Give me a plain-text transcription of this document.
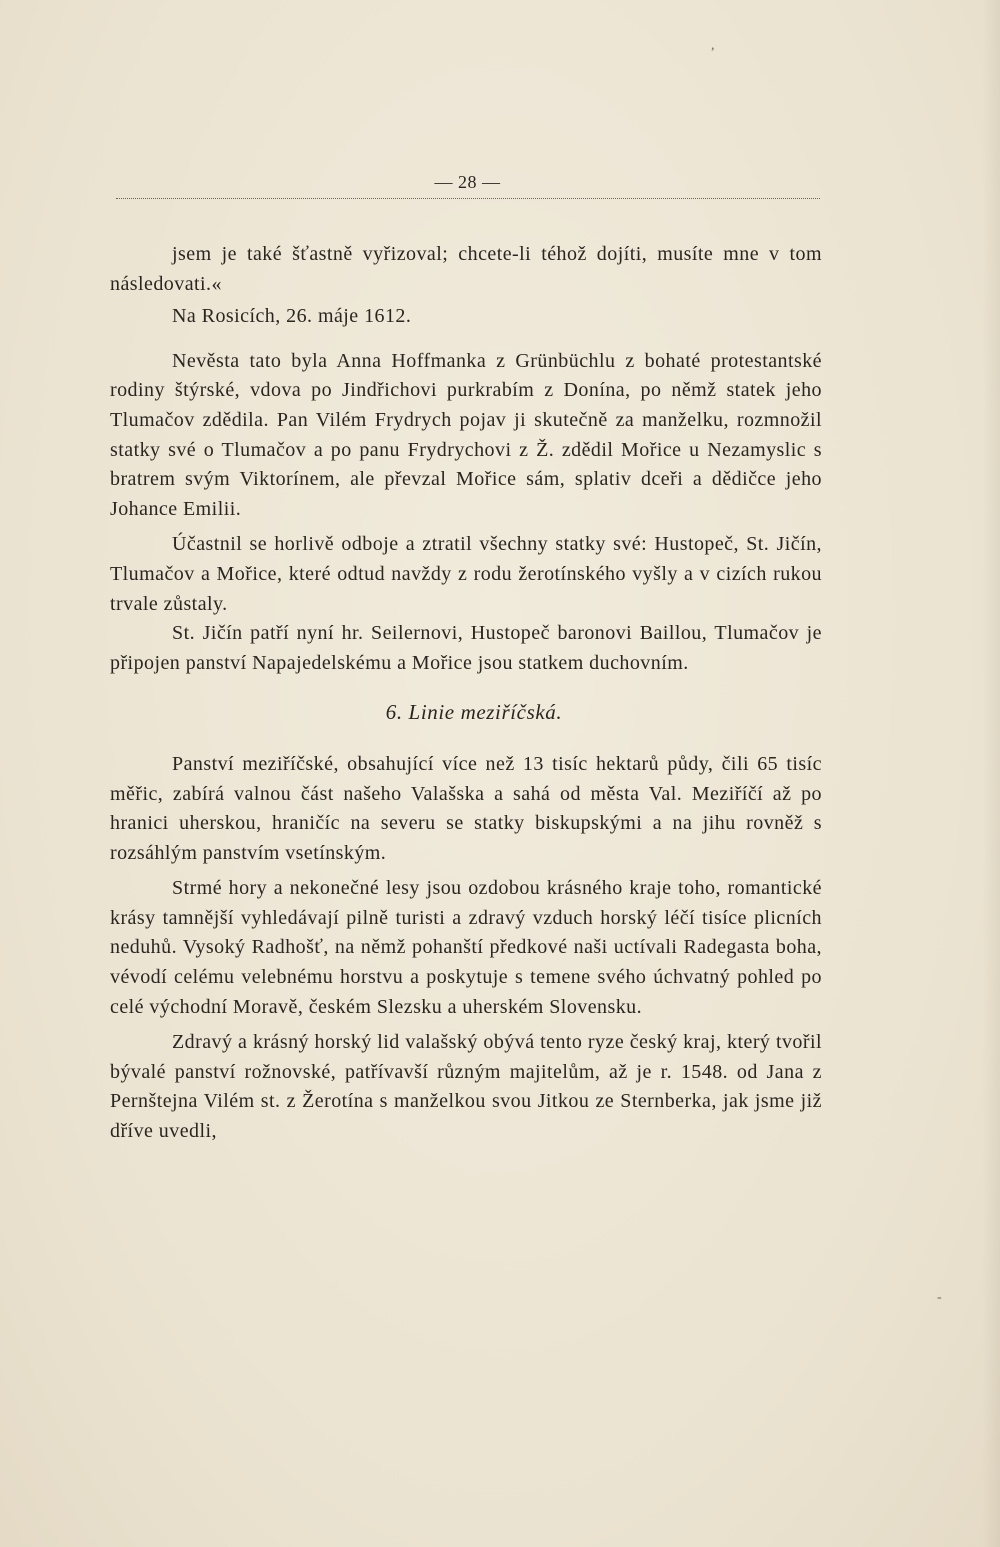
— 28 —

jsem je také šťastně vyřizoval; chcete-li téhož dojíti, musíte mne v tom následovati.«

Na Rosicích, 26. máje 1612.

Nevěsta tato byla Anna Hoffmanka z Grünbüchlu z bohaté protestantské rodiny štýrské, vdova po Jindřichovi purkrabím z Donína, po němž statek jeho Tlumačov zdědila. Pan Vilém Frydrych pojav ji skutečně za manželku, rozmnožil statky své o Tlumačov a po panu Frydrychovi z Ž. zdědil Mořice u Nezamyslic s bratrem svým Viktorínem, ale převzal Mořice sám, splativ dceři a dědičce jeho Johance Emilii.

Účastnil se horlivě odboje a ztratil všechny statky své: Hustopeč, St. Jičín, Tlumačov a Mořice, které odtud navždy z rodu žerotínského vyšly a v cizích rukou trvale zůstaly.

St. Jičín patří nyní hr. Seilernovi, Hustopeč baronovi Baillou, Tlumačov je připojen panství Napajedelskému a Mořice jsou statkem duchovním.

6. Linie meziříčská.

Panství meziříčské, obsahující více než 13 tisíc hektarů půdy, čili 65 tisíc měřic, zabírá valnou část našeho Valašska a sahá od města Val. Meziříčí až po hranici uherskou, hraničíc na severu se statky biskupskými a na jihu rovněž s rozsáhlým panstvím vsetínským.

Strmé hory a nekonečné lesy jsou ozdobou krásného kraje toho, romantické krásy tamnější vyhledávají pilně turisti a zdravý vzduch horský léčí tisíce plicních neduhů. Vysoký Radhošť, na němž pohanští předkové naši uctívali Radegasta boha, vévodí celému velebnému horstvu a poskytuje s temene svého úchvatný pohled po celé východní Moravě, českém Slezsku a uherském Slovensku.

Zdravý a krásný horský lid valašský obývá tento ryze český kraj, který tvořil bývalé panství rožnovské, patřívavší různým majitelům, až je r. 1548. od Jana z Pernštejna Vilém st. z Žerotína s manželkou svou Jitkou ze Sternberka, jak jsme již dříve uvedli,

,
-
